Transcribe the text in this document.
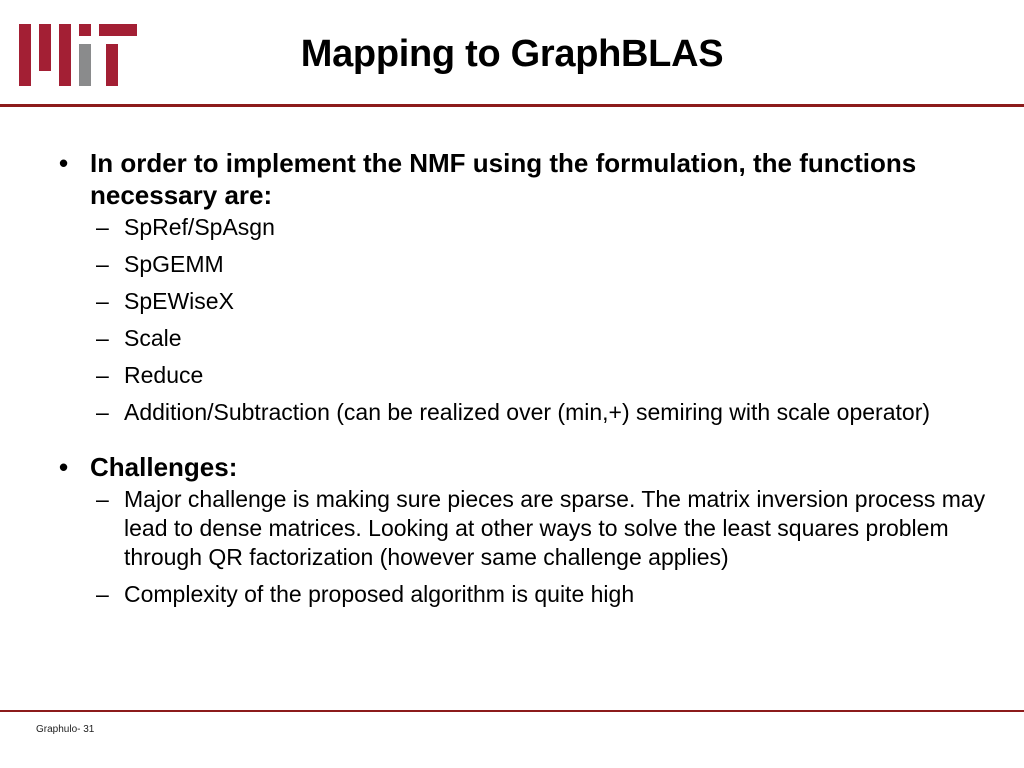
Mapping to GraphBLAS
• In order to implement the NMF using the formulation, the functions necessary are:
– SpRef/SpAsgn
– SpGEMM
– SpEWiseX
– Scale
– Reduce
– Addition/Subtraction (can be realized over (min,+) semiring with scale operator)
• Challenges:
– Major challenge is making sure pieces are sparse. The matrix inversion process may lead to dense matrices. Looking at other ways to solve the least squares problem through QR factorization (however same challenge applies)
– Complexity of the proposed algorithm is quite high
Graphulo- 31
